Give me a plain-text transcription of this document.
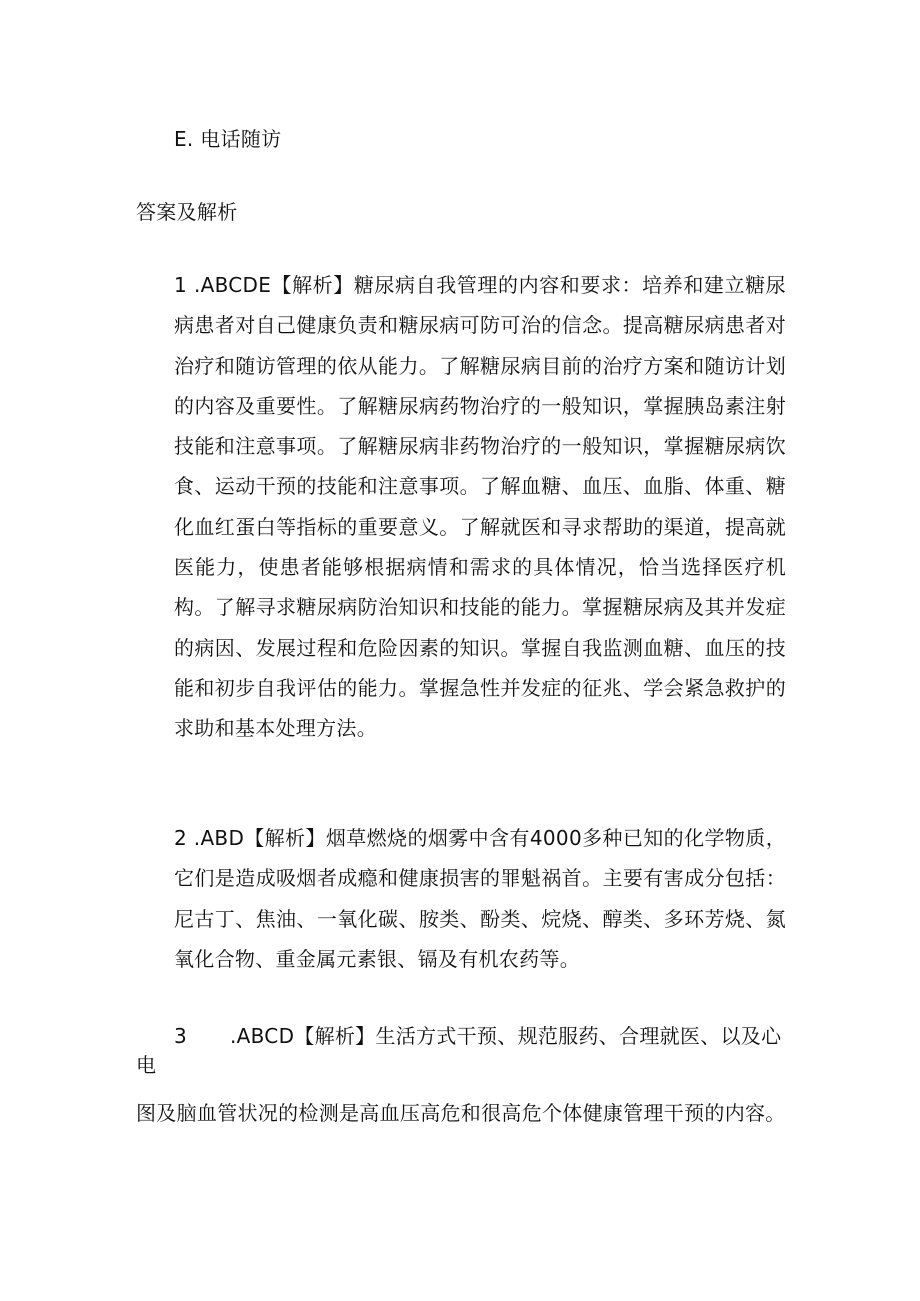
E. 电话随访
答案及解析

1 .ABCDE【解析】糖尿病自我管理的内容和要求：培养和建立糖尿病患者对自己健康负责和糖尿病可防可治的信念。提高糖尿病患者对治疗和随访管理的依从能力。了解糖尿病目前的治疗方案和随访计划的内容及重要性。了解糖尿病药物治疗的一般知识，掌握胰岛素注射技能和注意事项。了解糖尿病非药物治疗的一般知识，掌握糖尿病饮食、运动干预的技能和注意事项。了解血糖、血压、血脂、体重、糖化血红蛋白等指标的重要意义。了解就医和寻求帮助的渠道，提高就医能力，使患者能够根据病情和需求的具体情况，恰当选择医疗机构。了解寻求糖尿病防治知识和技能的能力。掌握糖尿病及其并发症的病因、发展过程和危险因素的知识。掌握自我监测血糖、血压的技能和初步自我评估的能力。掌握急性并发症的征兆、学会紧急救护的求助和基本处理方法。

2 .ABD【解析】烟草燃烧的烟雾中含有4000多种已知的化学物质，它们是造成吸烟者成瘾和健康损害的罪魁祸首。主要有害成分包括：尼古丁、焦油、一氧化碳、胺类、酚类、烷烧、醇类、多环芳烧、氮氧化合物、重金属元素银、镉及有机农药等。

3 .ABCD【解析】生活方式干预、规范服药、合理就医、以及心
电
图及脑血管状况的检测是高血压高危和很高危个体健康管理干预的内容。
